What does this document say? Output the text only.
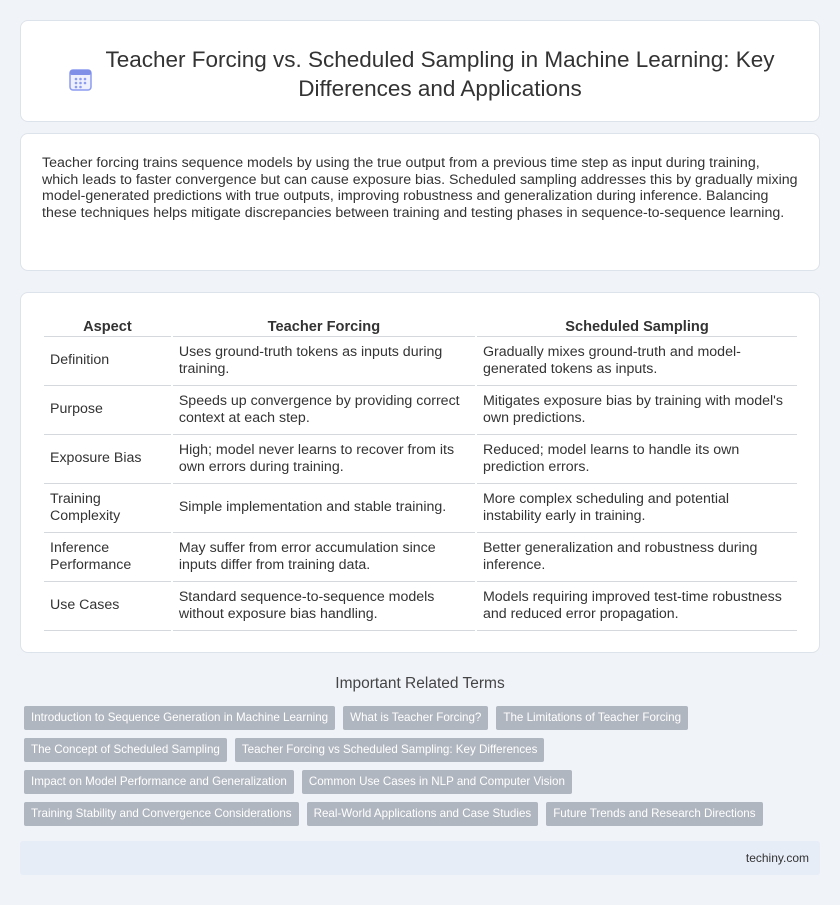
Teacher Forcing vs. Scheduled Sampling in Machine Learning: Key Differences and Applications

Teacher forcing trains sequence models by using the true output from a previous time step as input during training, which leads to faster convergence but can cause exposure bias. Scheduled sampling addresses this by gradually mixing model-generated predictions with true outputs, improving robustness and generalization during inference. Balancing these techniques helps mitigate discrepancies between training and testing phases in sequence-to-sequence learning.

Aspect	Teacher Forcing	Scheduled Sampling
Definition	Uses ground-truth tokens as inputs during training.	Gradually mixes ground-truth and model-generated tokens as inputs.
Purpose	Speeds up convergence by providing correct context at each step.	Mitigates exposure bias by training with model's own predictions.
Exposure Bias	High; model never learns to recover from its own errors during training.	Reduced; model learns to handle its own prediction errors.
Training Complexity	Simple implementation and stable training.	More complex scheduling and potential instability early in training.
Inference Performance	May suffer from error accumulation since inputs differ from training data.	Better generalization and robustness during inference.
Use Cases	Standard sequence-to-sequence models without exposure bias handling.	Models requiring improved test-time robustness and reduced error propagation.
Important Related Terms
Introduction to Sequence Generation in Machine Learning	What is Teacher Forcing?	The Limitations of Teacher Forcing
The Concept of Scheduled Sampling	Teacher Forcing vs Scheduled Sampling: Key Differences
Impact on Model Performance and Generalization	Common Use Cases in NLP and Computer Vision
Training Stability and Convergence Considerations	Real-World Applications and Case Studies	Future Trends and Research Directions
techiny.com
